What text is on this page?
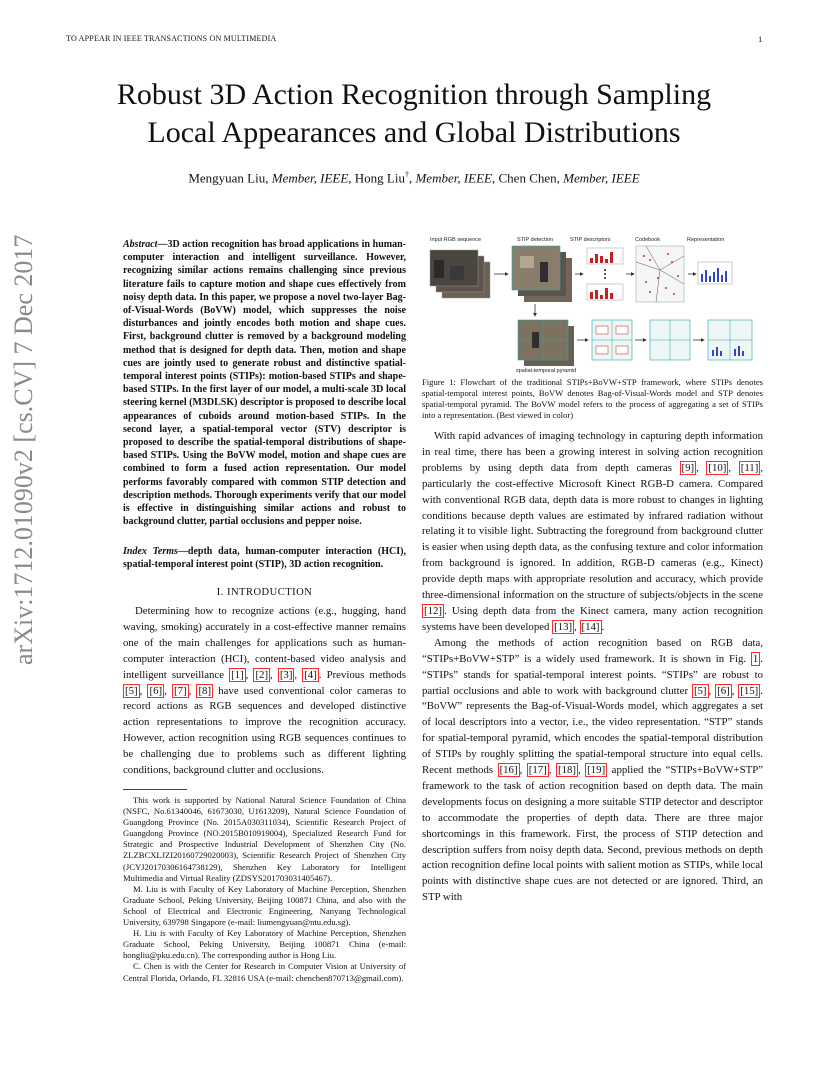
TO APPEAR IN IEEE TRANSACTIONS ON MULTIMEDIA	1
arXiv:1712.01090v2 [cs.CV] 7 Dec 2017
Robust 3D Action Recognition through Sampling
Local Appearances and Global Distributions
Mengyuan Liu, Member, IEEE, Hong Liu†, Member, IEEE, Chen Chen, Member, IEEE
Abstract—3D action recognition has broad applications in human-computer interaction and intelligent surveillance. However, recognizing similar actions remains challenging since previous literature fails to capture motion and shape cues effectively from noisy depth data. In this paper, we propose a novel two-layer Bag-of-Visual-Words (BoVW) model, which suppresses the noise disturbances and jointly encodes both motion and shape cues. First, background clutter is removed by a background modeling method that is designed for depth data. Then, motion and shape cues are jointly used to generate robust and distinctive spatial-temporal interest points (STIPs): motion-based STIPs and shape-based STIPs. In the first layer of our model, a multi-scale 3D local steering kernel (M3DLSK) descriptor is proposed to describe local appearances of cuboids around motion-based STIPs. In the second layer, a spatial-temporal vector (STV) descriptor is proposed to describe the spatial-temporal distributions of shape-based STIPs. Using the BoVW model, motion and shape cues are combined to form a fused action representation. Our model performs favorably compared with common STIP detection and description methods. Thorough experiments verify that our model is effective in distinguishing similar actions and robust to background clutter, partial occlusions and pepper noise.
Index Terms—depth data, human-computer interaction (HCI), spatial-temporal interest point (STIP), 3D action recognition.
I. INTRODUCTION

Determining how to recognize actions (e.g., hugging, hand waving, smoking) accurately in a cost-effective manner remains one of the main challenges for applications such as human-computer interaction (HCI), content-based video analysis and intelligent surveillance [1] , [2] , [3] , [4] . Previous methods [5] , [6] , [7] , [8] have used conventional color cameras to record actions as RGB sequences and developed distinctive action representations to improve the recognition accuracy. However, action recognition using RGB sequences continues to be challenging due to problems such as different lighting conditions, background clutter and occlusions.

This work is supported by National Natural Science Foundation of China (NSFC, No.61340046, 61673030, U1613209), Natural Science Foundation of Guangdong Province (No. 2015A030311034), Scientific Research Project of Guangdong Province (NO.2015B010919004), Specialized Research Fund for Strategic and Prospective Industrial Development of Shenzhen City (No. ZLZBCXLJZI20160729020003), Scientific Research Project of Shenzhen City (JCYJ20170306164738129), Shenzhen Key Laboratory for Intelligent Multimedia and Virtual Reality (ZDSYS201703031405467).

M. Liu is with Faculty of Key Laboratory of Machine Perception, Shenzhen Graduate School, Peking University, Beijing 100871 China, and also with the School of Electrical and Electronic Engineering, Nanyang Technological University, 639798 Singapore (e-mail: liumengyuan@ntu.edu.sg).

H. Liu is with Faculty of Key Laboratory of Machine Perception, Shenzhen Graduate School, Peking University, Beijing 100871 China (e-mail: hongliu@pku.edu.cn). The corresponding author is Hong Liu.

C. Chen is with the Center for Research in Computer Vision at University of Central Florida, Orlando, FL 32816 USA (e-mail: chenchen870713@gmail.com).

Input RGB sequence	STIP detection	STIP descriptors	Codebook	Representation
spatial-temporal pyramid
Figure 1: Flowchart of the traditional STIPs+BoVW+STP framework, where STIPs denotes spatial-temporal interest points, BoVW denotes Bag-of-Visual-Words model and STP denotes spatial-temporal pyramid. The BoVW model refers to the process of aggregating a set of STIPs into a representation. (Best viewed in color)

With rapid advances of imaging technology in capturing depth information in real time, there has been a growing interest in solving action recognition problems by using depth data from depth cameras [9] , [10] , [11] , particularly the cost-effective Microsoft Kinect RGB-D camera. Compared with conventional RGB data, depth data is more robust to changes in lighting conditions because depth values are estimated by infrared radiation without relating it to visible light. Subtracting the foreground from background clutter is easier when using depth data, as the confusing texture and color information from background is ignored. In addition, RGB-D cameras (e.g., Kinect) provide depth maps with appropriate resolution and accuracy, which provide three-dimensional information on the structure of subjects/objects in the scene [12] . Using depth data from the Kinect camera, many action recognition systems have been developed [13] , [14] .

Among the methods of action recognition based on RGB data, “STIPs+BoVW+STP” is a widely used framework. It is shown in Fig. 1 . “STIPs” stands for spatial-temporal interest points. “STIPs” are robust to partial occlusions and able to work with background clutter [5] , [6] , [15] . “BoVW” represents the Bag-of-Visual-Words model, which aggregates a set of local descriptors into a vector, i.e., the video representation. “STP” stands for spatial-temporal pyramid, which encodes the spatial-temporal distribution of STIPs by roughly splitting the spatial-temporal structure into equal cells. Recent methods [16] , [17] , [18] , [19] applied the “STIPs+BoVW+STP” framework to the task of action recognition based on depth data. The main developments focus on designing a more suitable STIP detector and descriptor to accommodate the properties of depth data. There are three major shortcomings in this framework. First, the process of STIP detection and description suffers from noisy depth data. Second, previous methods on depth action recognition define local points with salient motion as STIPs, while local points with distinctive shape cues are not detected or are ignored. Third, an STP with
